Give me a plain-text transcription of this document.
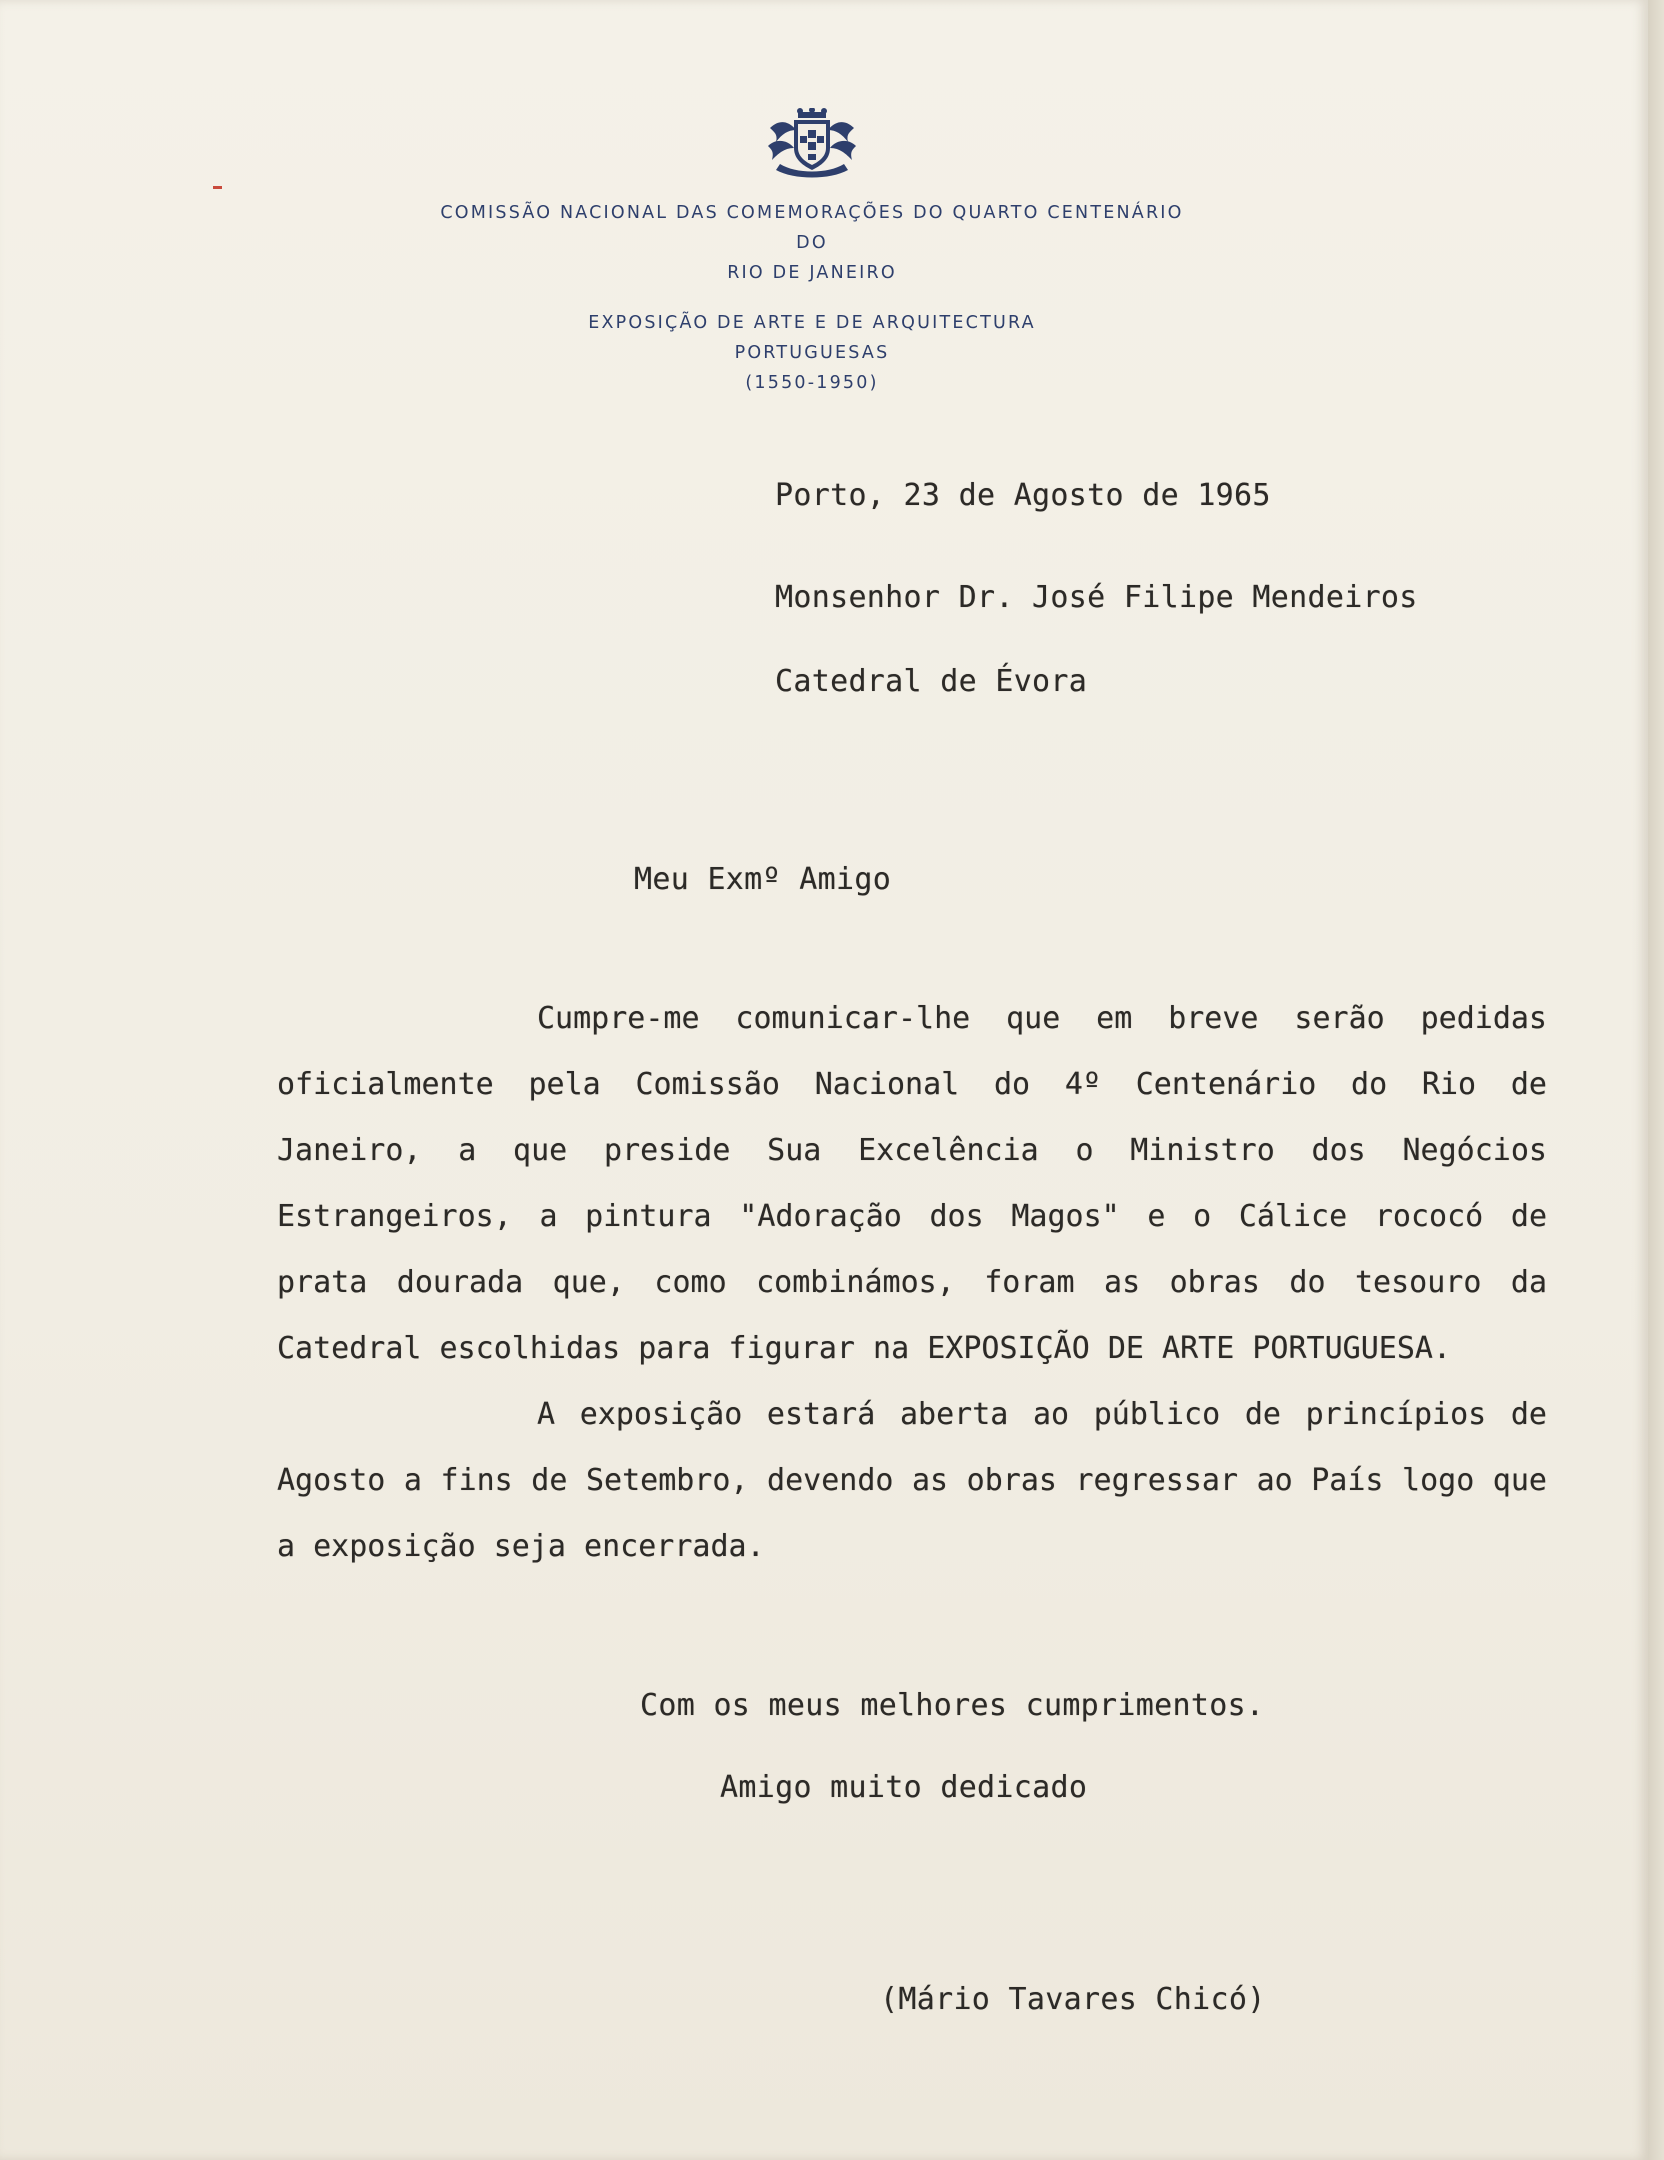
COMISSÃO NACIONAL DAS COMEMORAÇÕES DO QUARTO CENTENÁRIO
DO
RIO DE JANEIRO
EXPOSIÇÃO DE ARTE E DE ARQUITECTURA
PORTUGUESAS
(1550-1950)
Porto, 23 de Agosto de 1965
Monsenhor Dr. José Filipe Mendeiros
Catedral de Évora
Meu Exmº Amigo

Cumpre-me comunicar-lhe que em breve serão pedidas oficialmente pela Comissão Nacional do 4º Centenário do Rio de Janeiro, a que preside Sua Excelência o Ministro dos Negócios Estrangeiros, a pintura "Adoração dos Magos" e o Cálice rococó de prata dourada que, como combinámos, foram as obras do tesouro da Catedral escolhidas para figurar na EXPOSIÇÃO DE ARTE PORTUGUESA.

A exposição estará aberta ao público de princípios de Agosto a fins de Setembro, devendo as obras regressar ao País logo que a exposição seja encerrada.

Com os meus melhores cumprimentos.
Amigo muito dedicado
(Mário Tavares Chicó)
